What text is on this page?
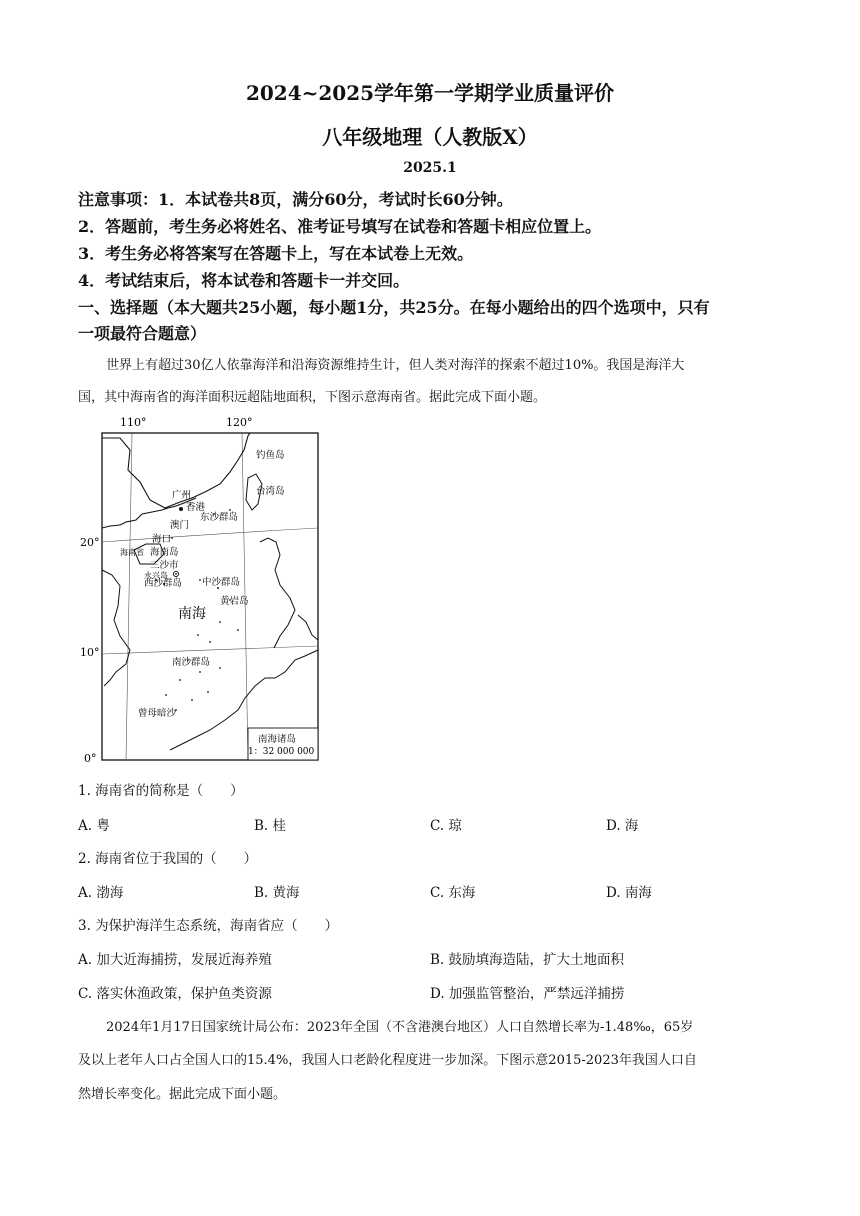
2024~2025学年第一学期学业质量评价
八年级地理（人教版X）
2025.1
注意事项：1．本试卷共8页，满分60分，考试时长60分钟。
2．答题前，考生务必将姓名、准考证号填写在试卷和答题卡相应位置上。
3．考生务必将答案写在答题卡上，写在本试卷上无效。
4．考试结束后，将本试卷和答题卡一并交回。
一、选择题（本大题共25小题，每小题1分，共25分。在每小题给出的四个选项中，只有
一项最符合题意）
世界上有超过30亿人依靠海洋和沿海资源维持生计，但人类对海洋的探索不超过10%。我国是海洋大
国，其中海南省的海洋面积远超陆地面积，下图示意海南省。据此完成下面小题。
110°	120°
20°
10°
0°
钓鱼岛
广州
香港
台湾岛
澳门
东沙群岛
海口
海南省 海南岛
三沙市
永兴岛
西沙群岛 中沙群岛
黄岩岛
南海
南沙群岛
曾母暗沙
南海诸岛
1：32 000 000
1. 海南省的简称是（　　）
A. 粤	B. 桂	C. 琼	D. 海
2. 海南省位于我国的（　　）
A. 渤海	B. 黄海	C. 东海	D. 南海
3. 为保护海洋生态系统，海南省应（　　）
A. 加大近海捕捞，发展近海养殖	B. 鼓励填海造陆，扩大土地面积
C. 落实休渔政策，保护鱼类资源	D. 加强监管整治，严禁远洋捕捞
2024年1月17日国家统计局公布：2023年全国（不含港澳台地区）人口自然增长率为-1.48‰，65岁
及以上老年人口占全国人口的15.4%，我国人口老龄化程度进一步加深。下图示意2015-2023年我国人口自
然增长率变化。据此完成下面小题。
